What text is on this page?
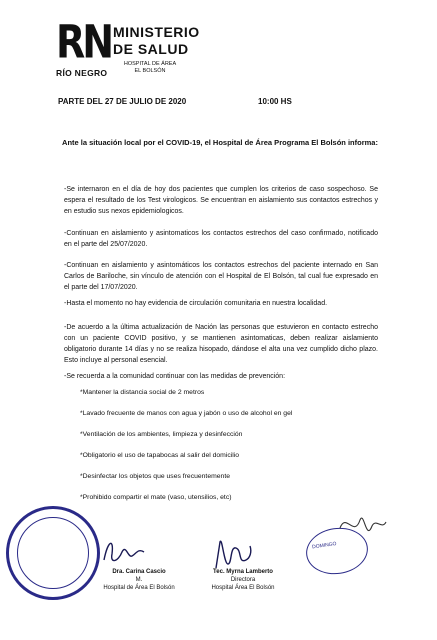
RN
RÍO NEGRO
MINISTERIO
DE SALUD
HOSPITAL DE ÁREA
EL BOLSÓN
PARTE DEL 27 DE JULIO DE 2020	10:00 HS
Ante la situación local por el COVID-19, el Hospital de Área Programa El Bolsón informa:
-Se internaron en el día de hoy dos pacientes que cumplen los criterios de caso sospechoso. Se espera el resultado de los Test virologicos. Se encuentran en aislamiento sus contactos estrechos y en estudio sus nexos epidemiologicos.
-Continuan en aislamiento y asintomaticos los contactos estrechos del caso confirmado, notificado en el parte del 25/07/2020.
-Continuan en aislamiento y asintomáticos los contactos estrechos del paciente internado en San Carlos de Bariloche, sin vínculo de atención con el Hospital de El Bolsón, tal cual fue expresado en el parte del 17/07/2020.
-Hasta el momento no hay evidencia de circulación comunitaria en nuestra localidad.
-De acuerdo a la última actualización de Nación las personas que estuvieron en contacto estrecho con un paciente COVID positivo, y se mantienen asintomaticas, deben realizar aislamiento obligatorio durante 14 días y no se realiza hisopado, dándose el alta una vez cumplido dicho plazo. Esto incluye al personal esencial.
-Se recuerda a la comunidad continuar con las medidas de prevención:
*Mantener la distancia social de 2 metros
*Lavado frecuente de manos con agua y jabón o uso de alcohol en gel
*Ventilación de los ambientes, limpieza y desinfección
*Obligatorio el uso de tapabocas al salir del domicilio
*Desinfectar los objetos que uses frecuentemente
*Prohibido compartir el mate (vaso, utensilios, etc)
DOMINGO
Dra. Carina Cascio
M.
Hospital de Área El Bolsón
Tec. Myrna Lamberto
Directora
Hospital Área El Bolsón
